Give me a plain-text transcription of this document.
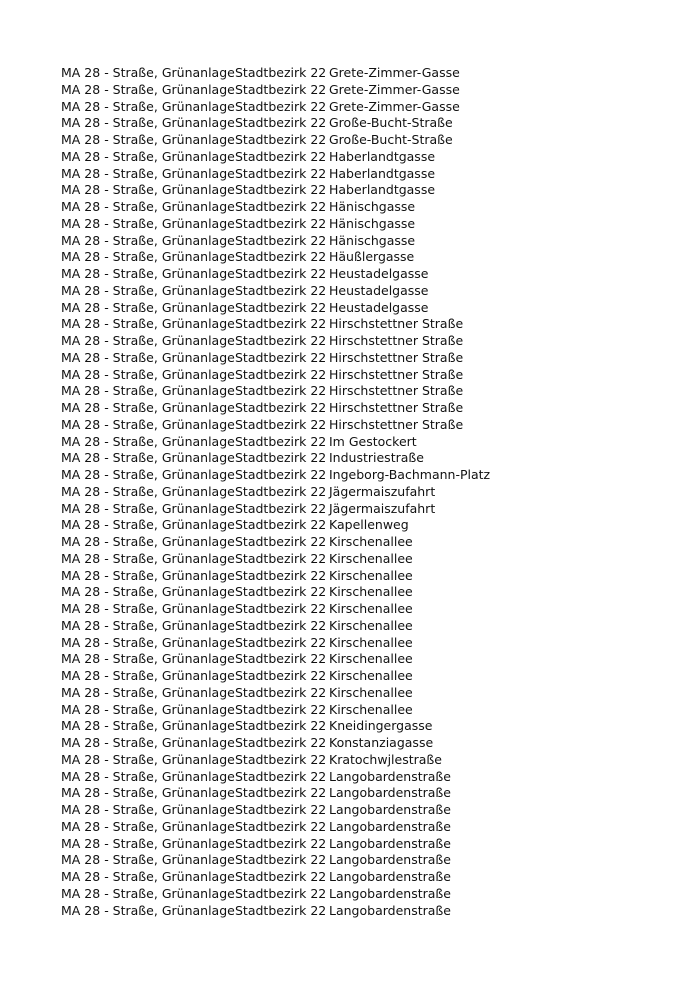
MA 28 - Straße, Grünanlage Stadtbezirk 22 Grete-Zimmer-Gasse
MA 28 - Straße, Grünanlage Stadtbezirk 22 Grete-Zimmer-Gasse
MA 28 - Straße, Grünanlage Stadtbezirk 22 Grete-Zimmer-Gasse
MA 28 - Straße, Grünanlage Stadtbezirk 22 Große-Bucht-Straße
MA 28 - Straße, Grünanlage Stadtbezirk 22 Große-Bucht-Straße
MA 28 - Straße, Grünanlage Stadtbezirk 22 Haberlandtgasse
MA 28 - Straße, Grünanlage Stadtbezirk 22 Haberlandtgasse
MA 28 - Straße, Grünanlage Stadtbezirk 22 Haberlandtgasse
MA 28 - Straße, Grünanlage Stadtbezirk 22 Hänischgasse
MA 28 - Straße, Grünanlage Stadtbezirk 22 Hänischgasse
MA 28 - Straße, Grünanlage Stadtbezirk 22 Hänischgasse
MA 28 - Straße, Grünanlage Stadtbezirk 22 Häußlergasse
MA 28 - Straße, Grünanlage Stadtbezirk 22 Heustadelgasse
MA 28 - Straße, Grünanlage Stadtbezirk 22 Heustadelgasse
MA 28 - Straße, Grünanlage Stadtbezirk 22 Heustadelgasse
MA 28 - Straße, Grünanlage Stadtbezirk 22 Hirschstettner Straße
MA 28 - Straße, Grünanlage Stadtbezirk 22 Hirschstettner Straße
MA 28 - Straße, Grünanlage Stadtbezirk 22 Hirschstettner Straße
MA 28 - Straße, Grünanlage Stadtbezirk 22 Hirschstettner Straße
MA 28 - Straße, Grünanlage Stadtbezirk 22 Hirschstettner Straße
MA 28 - Straße, Grünanlage Stadtbezirk 22 Hirschstettner Straße
MA 28 - Straße, Grünanlage Stadtbezirk 22 Hirschstettner Straße
MA 28 - Straße, Grünanlage Stadtbezirk 22 Im Gestockert
MA 28 - Straße, Grünanlage Stadtbezirk 22 Industriestraße
MA 28 - Straße, Grünanlage Stadtbezirk 22 Ingeborg-Bachmann-Platz
MA 28 - Straße, Grünanlage Stadtbezirk 22 Jägermaiszufahrt
MA 28 - Straße, Grünanlage Stadtbezirk 22 Jägermaiszufahrt
MA 28 - Straße, Grünanlage Stadtbezirk 22 Kapellenweg
MA 28 - Straße, Grünanlage Stadtbezirk 22 Kirschenallee
MA 28 - Straße, Grünanlage Stadtbezirk 22 Kirschenallee
MA 28 - Straße, Grünanlage Stadtbezirk 22 Kirschenallee
MA 28 - Straße, Grünanlage Stadtbezirk 22 Kirschenallee
MA 28 - Straße, Grünanlage Stadtbezirk 22 Kirschenallee
MA 28 - Straße, Grünanlage Stadtbezirk 22 Kirschenallee
MA 28 - Straße, Grünanlage Stadtbezirk 22 Kirschenallee
MA 28 - Straße, Grünanlage Stadtbezirk 22 Kirschenallee
MA 28 - Straße, Grünanlage Stadtbezirk 22 Kirschenallee
MA 28 - Straße, Grünanlage Stadtbezirk 22 Kirschenallee
MA 28 - Straße, Grünanlage Stadtbezirk 22 Kirschenallee
MA 28 - Straße, Grünanlage Stadtbezirk 22 Kneidingergasse
MA 28 - Straße, Grünanlage Stadtbezirk 22 Konstanziagasse
MA 28 - Straße, Grünanlage Stadtbezirk 22 Kratochwjlestraße
MA 28 - Straße, Grünanlage Stadtbezirk 22 Langobardenstraße
MA 28 - Straße, Grünanlage Stadtbezirk 22 Langobardenstraße
MA 28 - Straße, Grünanlage Stadtbezirk 22 Langobardenstraße
MA 28 - Straße, Grünanlage Stadtbezirk 22 Langobardenstraße
MA 28 - Straße, Grünanlage Stadtbezirk 22 Langobardenstraße
MA 28 - Straße, Grünanlage Stadtbezirk 22 Langobardenstraße
MA 28 - Straße, Grünanlage Stadtbezirk 22 Langobardenstraße
MA 28 - Straße, Grünanlage Stadtbezirk 22 Langobardenstraße
MA 28 - Straße, Grünanlage Stadtbezirk 22 Langobardenstraße
